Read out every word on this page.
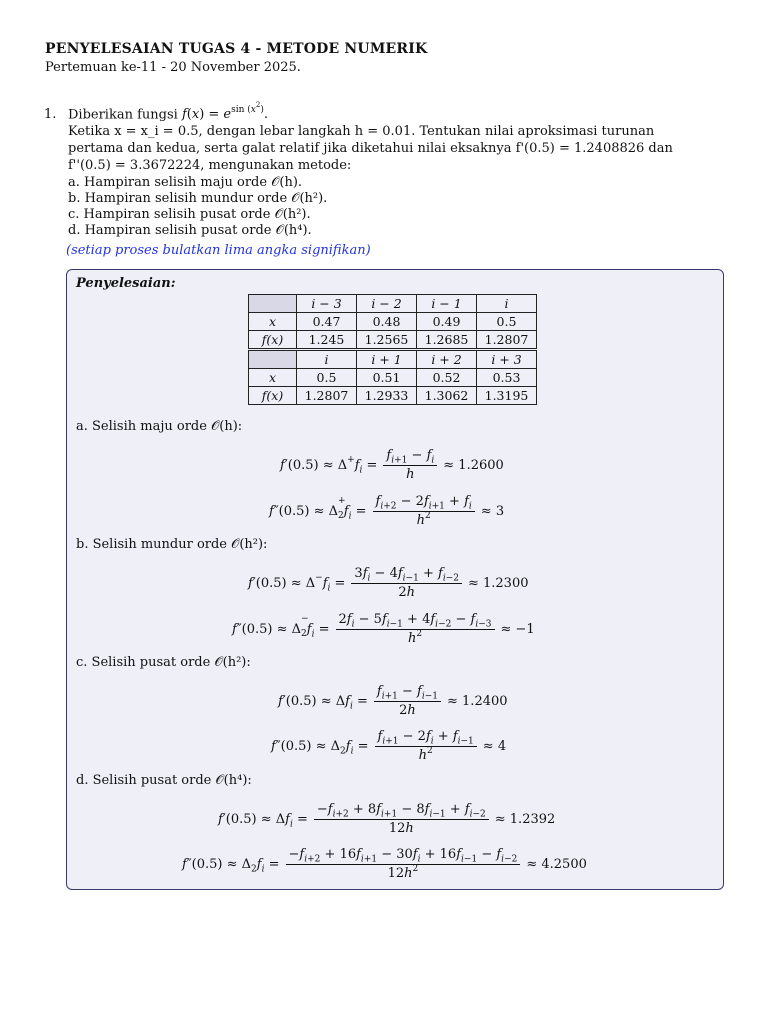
PENYELESAIAN TUGAS 4 - METODE NUMERIK
Pertemuan ke-11 - 20 November 2025.
1. Diberikan fungsi $f(x) = e^{sin (x^2)}$.
Ketika x = x_i = 0.5, dengan lebar langkah h = 0.01. Tentukan nilai aproksimasi turunan
pertama dan kedua, serta galat relatif jika diketahui nilai eksaknya f'(0.5) = 1.2408826 dan
f''(0.5) = 3.3672224, mengunakan metode:
a. Hampiran selisih maju orde 𝒪(h).
b. Hampiran selisih mundur orde 𝒪(h²).
c. Hampiran selisih pusat orde 𝒪(h²).
d. Hampiran selisih pusat orde 𝒪(h⁴).
(setiap proses bulatkan lima angka signifikan)
Penyelesaian:
	i − 3	i − 2	i − 1	i
x	0.47	0.48	0.49	0.5
f(x)	1.245	1.2565	1.2685	1.2807
	i	i + 1	i + 2	i + 3
x	0.5	0.51	0.52	0.53
f(x)	1.2807	1.2933	1.3062	1.3195
a. Selisih maju orde 𝒪(h):
$f'(0.5) \approx \Delta^+f_i = \frac{f_{i+1} - f_i}{h} \approx 1.2600$
f″(0.5) ≈ Δ
$_{+ 2}f_i = \frac{f_{i+2} - 2f_{i+1} + f_i}{h^2} \approx 3$
b. Selisih mundur orde 𝒪(h²):
$f'(0.5) \approx \Delta^-f_i = \frac{3f_i - 4f_{i-1} + f_{i-2}}{2h} \approx 1.2300$
f″(0.5) ≈ Δ
$_{- 2}f_i = \frac{2f_i - 5f_{i-1} + 4f_{i-2} - f_{i-3}}{h^2} \approx -1$
c. Selisih pusat orde 𝒪(h²):
$f'(0.5) \approx \Delta f_i = \frac{f_{i+1} - f_{i-1}}{2h} \approx 1.2400$
$f''(0.5) \approx \Delta_2f_i = \frac{f_{i+1} - 2f_i + f_{i-1}}{h^2} \approx 4$
d. Selisih pusat orde 𝒪(h⁴):
$f'(0.5) \approx \Delta f_i = \frac{-f_{i+2} + 8f_{i+1} - 8f_{i-1} + f_{i-2}}{12h} \approx 1.2392$
$f''(0.5) \approx \Delta_2f_i = \frac{-f_{i+2} + 16f_{i+1} - 30f_i + 16f_{i-1} - f_{i-2}}{12h^2} \approx 4.2500$
